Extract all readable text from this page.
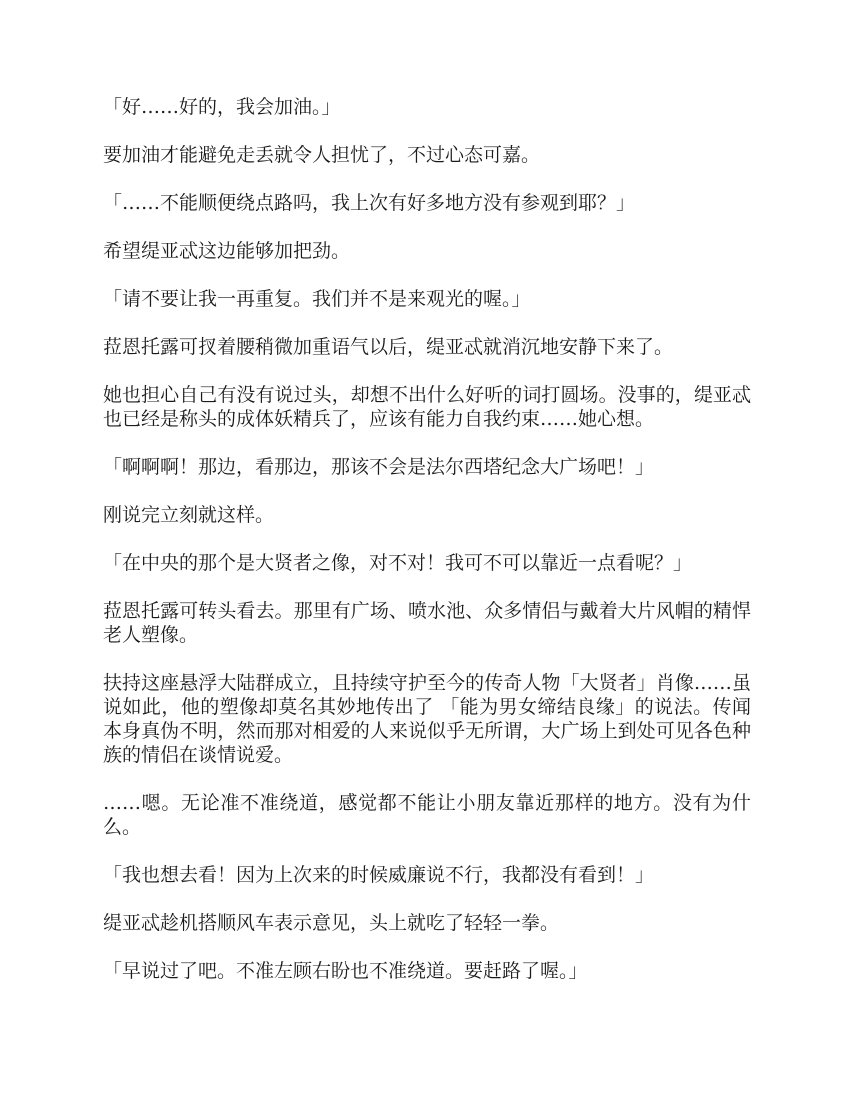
「好……好的，我会加油。」

要加油才能避免走丢就令人担忧了，不过心态可嘉。

「……不能顺便绕点路吗，我上次有好多地方没有参观到耶？」

希望缇亚忒这边能够加把劲。

「请不要让我一再重复。我们并不是来观光的喔。」

菈恩托露可扠着腰稍微加重语气以后，缇亚忒就消沉地安静下来了。

她也担心自己有没有说过头，却想不出什么好听的词打圆场。没事的，缇亚忒也已经是称头的成体妖精兵了，应该有能力自我约束……她心想。

「啊啊啊！那边，看那边，那该不会是法尔西塔纪念大广场吧！」

刚说完立刻就这样。

「在中央的那个是大贤者之像，对不对！我可不可以靠近一点看呢？」

菈恩托露可转头看去。那里有广场、喷水池、众多情侣与戴着大片风帽的精悍老人塑像。

扶持这座悬浮大陆群成立，且持续守护至今的传奇人物「大贤者」肖像……虽说如此，他的塑像却莫名其妙地传出了 「能为男女缔结良缘」的说法。传闻本身真伪不明，然而那对相爱的人来说似乎无所谓，大广场上到处可见各色种族的情侣在谈情说爱。

……嗯。无论准不准绕道，感觉都不能让小朋友靠近那样的地方。没有为什么。

「我也想去看！因为上次来的时候威廉说不行，我都没有看到！」

缇亚忒趁机搭顺风车表示意见，头上就吃了轻轻一拳。

「早说过了吧。不准左顾右盼也不准绕道。要赶路了喔。」
